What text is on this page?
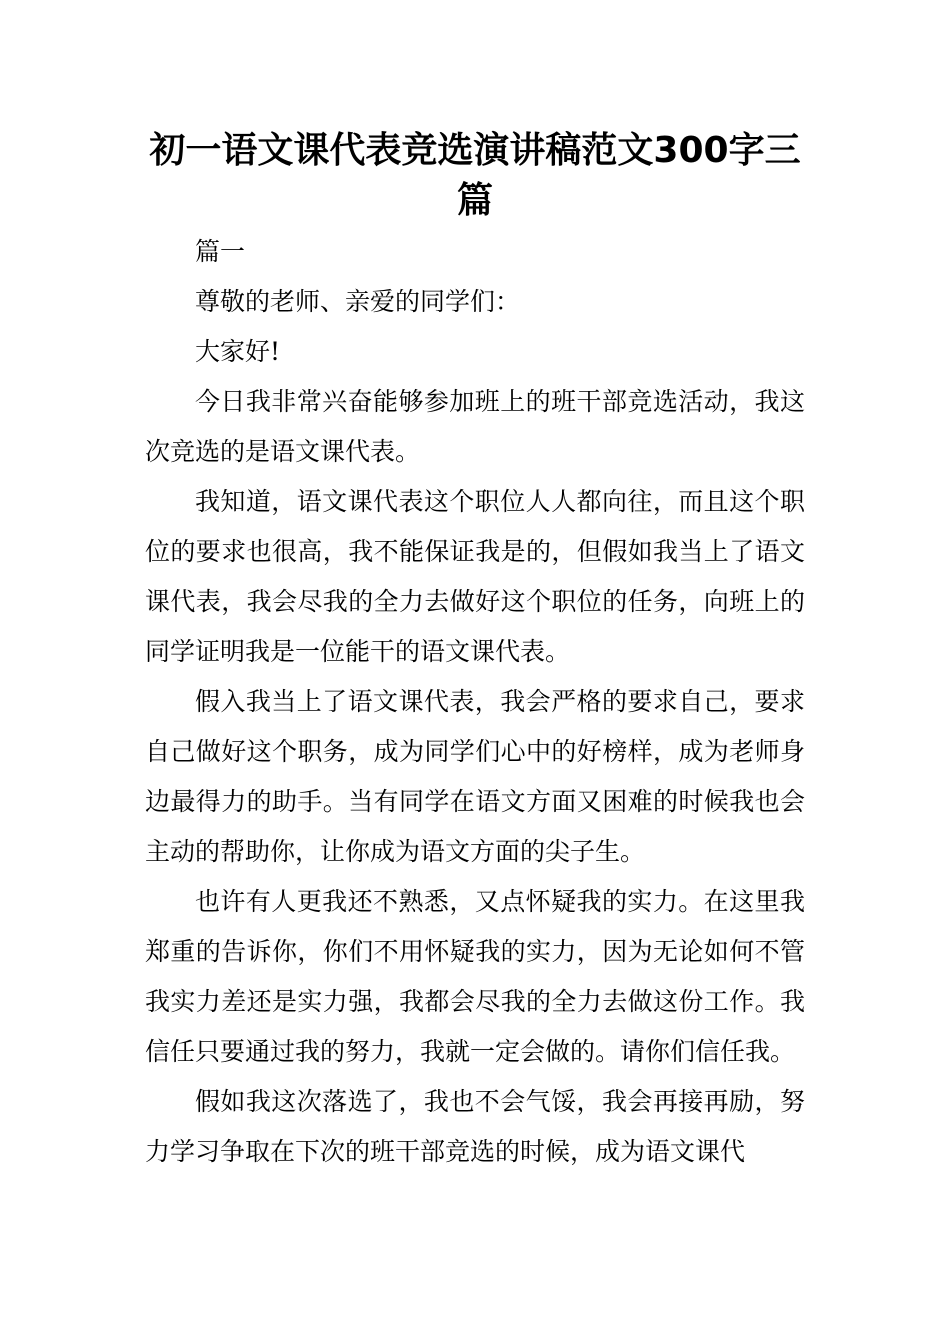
初一语文课代表竞选演讲稿范文300字三篇

篇一

尊敬的老师、亲爱的同学们：

大家好!

今日我非常兴奋能够参加班上的班干部竞选活动，我这次竞选的是语文课代表。

我知道，语文课代表这个职位人人都向往，而且这个职位的要求也很高，我不能保证我是的，但假如我当上了语文课代表，我会尽我的全力去做好这个职位的任务，向班上的同学证明我是一位能干的语文课代表。

假入我当上了语文课代表，我会严格的要求自己，要求自己做好这个职务，成为同学们心中的好榜样，成为老师身边最得力的助手。当有同学在语文方面又困难的时候我也会主动的帮助你，让你成为语文方面的尖子生。

也许有人更我还不熟悉，又点怀疑我的实力。在这里我郑重的告诉你，你们不用怀疑我的实力，因为无论如何不管我实力差还是实力强，我都会尽我的全力去做这份工作。我信任只要通过我的努力，我就一定会做的。请你们信任我。

假如我这次落选了，我也不会气馁，我会再接再励，努力学习争取在下次的班干部竞选的时候，成为语文课代
